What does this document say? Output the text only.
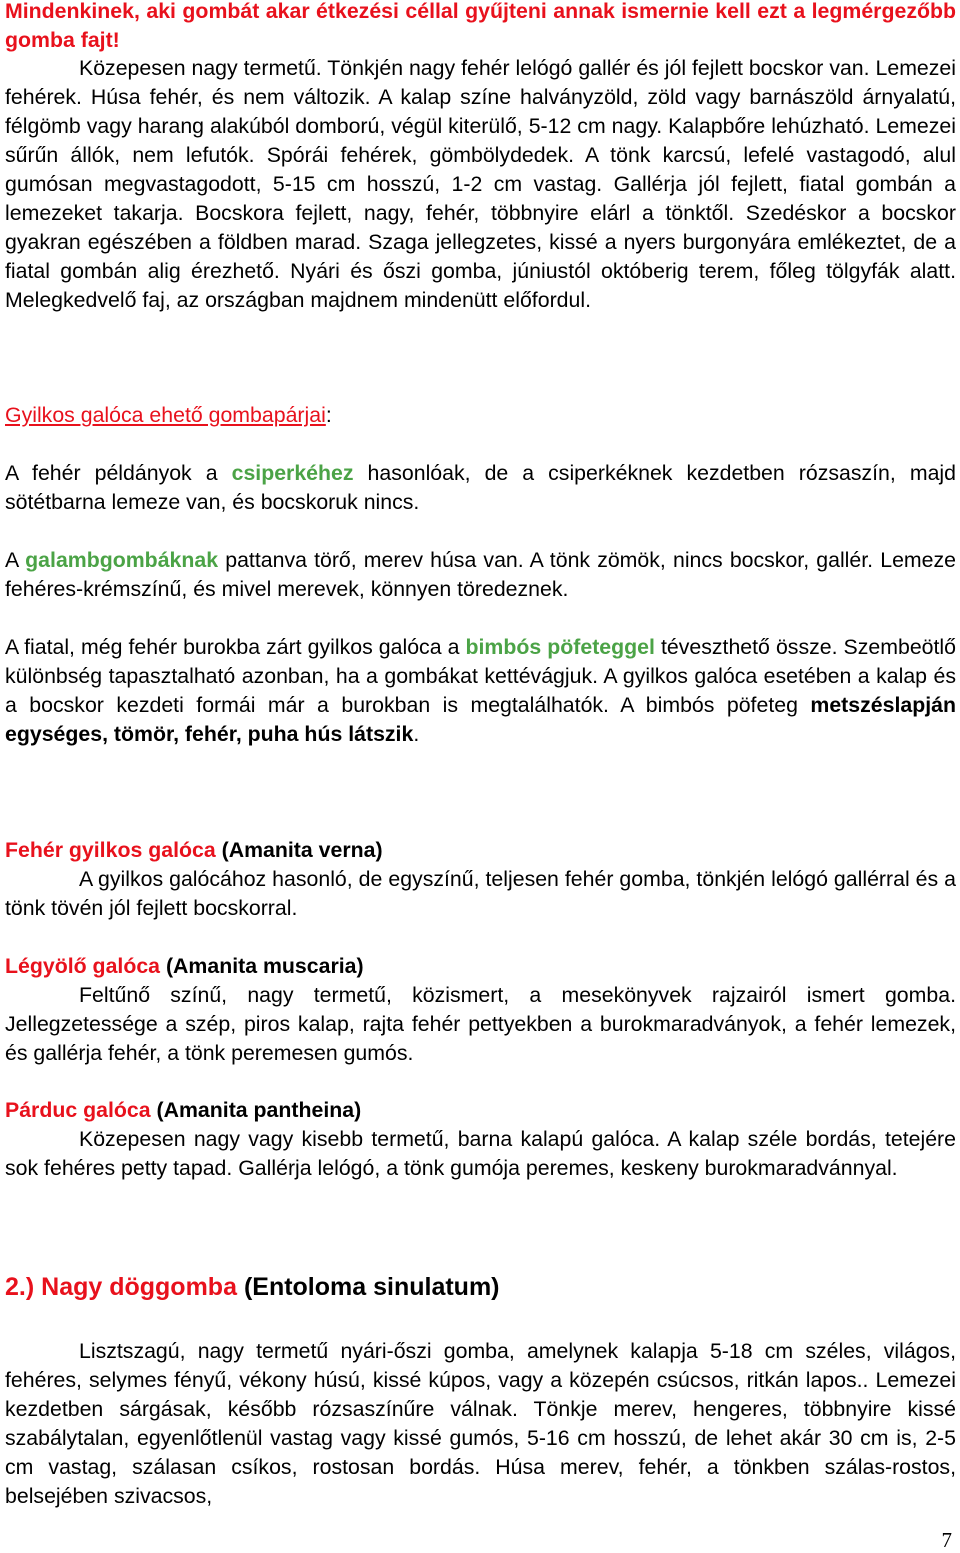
Mindenkinek, aki gombát akar étkezési céllal gyűjteni annak ismernie kell ezt a legmérgezőbb gomba fajt!

Közepesen nagy termetű. Tönkjén nagy fehér lelógó gallér és jól fejlett bocskor van. Lemezei fehérek. Húsa fehér, és nem változik. A kalap színe halványzöld, zöld vagy barnászöld árnyalatú, félgömb vagy harang alakúból domború, végül kiterülő, 5-12 cm nagy. Kalapbőre lehúzható. Lemezei sűrűn állók, nem lefutók. Spórái fehérek, gömbölydedek. A tönk karcsú, lefelé vastagodó, alul gumósan megvastagodott, 5-15 cm hosszú, 1-2 cm vastag. Gallérja jól fejlett, fiatal gombán a lemezeket takarja. Bocskora fejlett, nagy, fehér, többnyire elárl a tönktől. Szedéskor a bocskor gyakran egészében a földben marad. Szaga jellegzetes, kissé a nyers burgonyára emlékeztet, de a fiatal gombán alig érezhető. Nyári és őszi gomba, júniustól októberig terem, főleg tölgyfák alatt. Melegkedvelő faj, az országban majdnem mindenütt előfordul.

Gyilkos galóca ehető gombapárjai:

A fehér példányok a csiperkéhez hasonlóak, de a csiperkéknek kezdetben rózsaszín, majd sötétbarna lemeze van, és bocskoruk nincs.

A galambgombáknak pattanva törő, merev húsa van. A tönk zömök, nincs bocskor, gallér. Lemeze fehéres-krémszínű, és mivel merevek, könnyen töredeznek.

A fiatal, még fehér burokba zárt gyilkos galóca a bimbós pöfeteggel téveszthető össze. Szembeötlő különbség tapasztalható azonban, ha a gombákat kettévágjuk. A gyilkos galóca esetében a kalap és a bocskor kezdeti formái már a burokban is megtalálhatók. A bimbós pöfeteg metszéslapján egységes, tömör, fehér, puha hús látszik.

Fehér gyilkos galóca (Amanita verna)

A gyilkos galócához hasonló, de egyszínű, teljesen fehér gomba, tönkjén lelógó gallérral és a tönk tövén jól fejlett bocskorral.

Légyölő galóca (Amanita muscaria)

Feltűnő színű, nagy termetű, közismert, a mesekönyvek rajzairól ismert gomba. Jellegzetessége a szép, piros kalap, rajta fehér pettyekben a burokmaradványok, a fehér lemezek, és gallérja fehér, a tönk peremesen gumós.

Párduc galóca (Amanita pantheina)

Közepesen nagy vagy kisebb termetű, barna kalapú galóca. A kalap széle bordás, tetejére sok fehéres petty tapad. Gallérja lelógó, a tönk gumója peremes, keskeny burokmaradvánnyal.

2.) Nagy döggomba (Entoloma sinulatum)

Lisztszagú, nagy termetű nyári-őszi gomba, amelynek kalapja 5-18 cm széles, világos, fehéres, selymes fényű, vékony húsú, kissé kúpos, vagy a közepén csúcsos, ritkán lapos.. Lemezei kezdetben sárgásak, később rózsaszínűre válnak. Tönkje merev, hengeres, többnyire kissé szabálytalan, egyenlőtlenül vastag vagy kissé gumós, 5-16 cm hosszú, de lehet akár 30 cm is, 2-5 cm vastag, szálasan csíkos, rostosan bordás. Húsa merev, fehér, a tönkben szálas-rostos, belsejében szivacsos,

7
